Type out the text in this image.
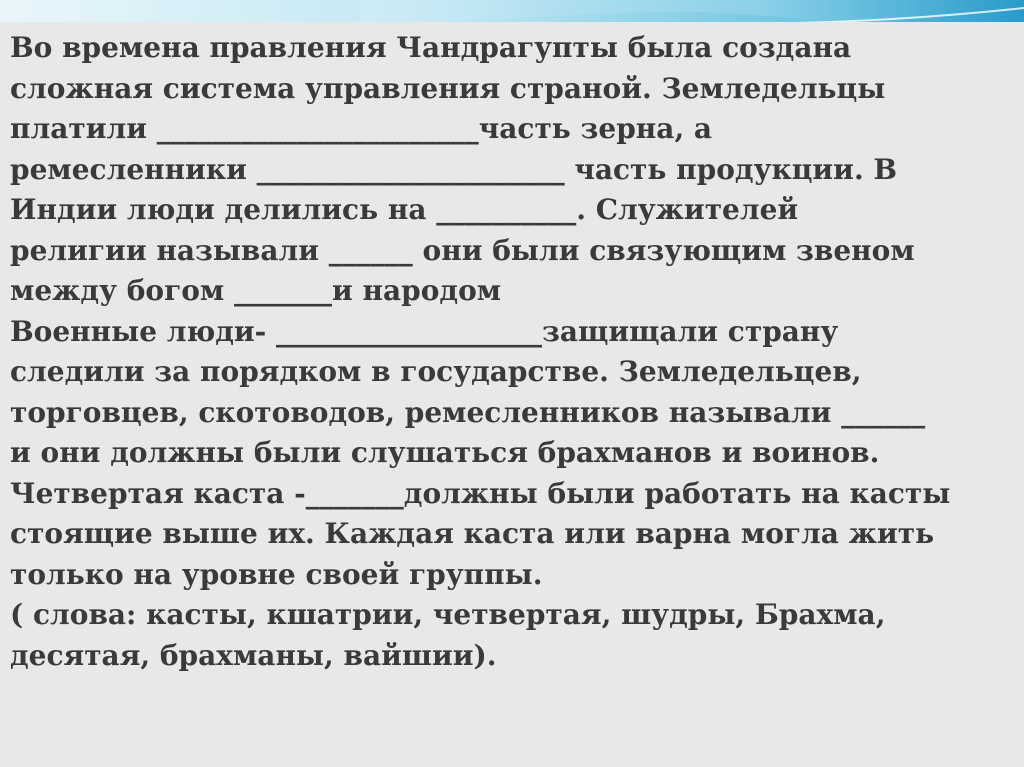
Во времена правления Чандрагупты была создана
сложная система управления страной. Земледельцы
платили _______________________часть зерна, а
ремесленники ______________________ часть продукции. В
Индии люди делились на __________. Служителей
религии называли ______ они были связующим звеном
между богом _______и народом
Военные люди- ___________________защищали страну
следили за порядком в государстве. Земледельцев,
торговцев, скотоводов, ремесленников называли ______
и они должны были слушаться брахманов и воинов.
Четвертая каста -_______должны были работать на касты
стоящие выше их. Каждая каста или варна могла жить
только на уровне своей группы.
( слова: касты, кшатрии, четвертая, шудры, Брахма,
десятая, брахманы, вайшии).
